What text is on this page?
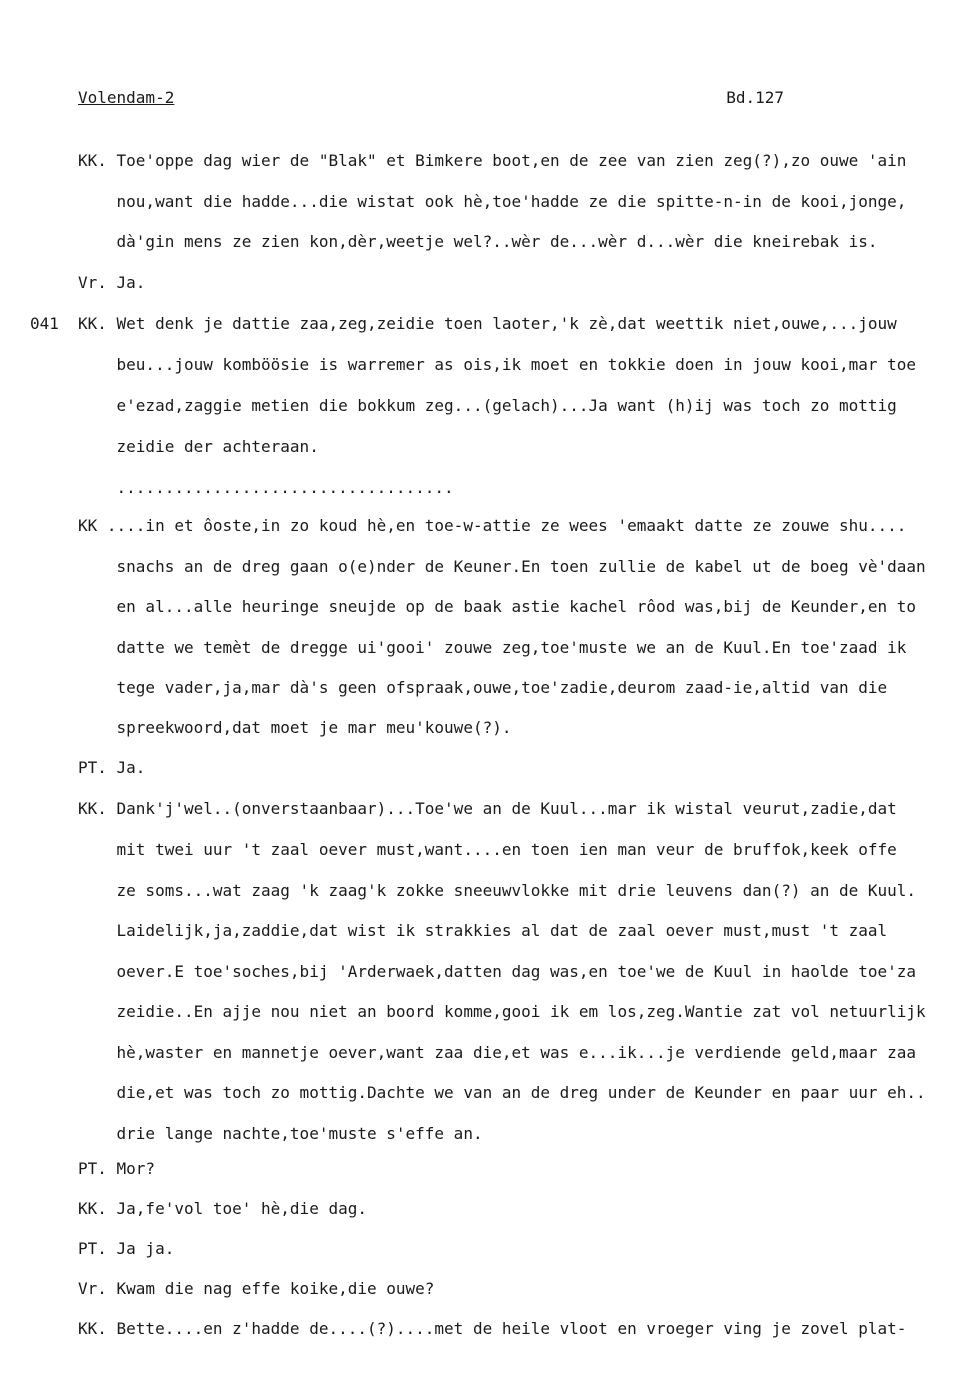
Volendam-2	Bd.127
041
KK. Toe'oppe dag wier de "Blak" et Bimkere boot,en de zee van zien zeg(?),zo ouwe 'ain
nou,want die hadde...die wistat ook hè,toe'hadde ze die spitte-n-in de kooi,jonge,
dà'gin mens ze zien kon,dèr,weetje wel?..wèr de...wèr d...wèr die kneirebak is.
Vr. Ja.
KK. Wet denk je dattie zaa,zeg,zeidie toen laoter,'k zè,dat weettik niet,ouwe,...jouw
beu...jouw komböösie is warremer as ois,ik moet en tokkie doen in jouw kooi,mar toe
e'ezad,zaggie metien die bokkum zeg...(gelach)...Ja want (h)ij was toch zo mottig
zeidie der achteraan.
...................................
KK ....in et ôoste,in zo koud hè,en toe-w-attie ze wees 'emaakt datte ze zouwe shu....
snachs an de dreg gaan o(e)nder de Keuner.En toen zullie de kabel ut de boeg vè'daan
en al...alle heuringe sneujde op de baak astie kachel rôod was,bij de Keunder,en to
datte we temèt de dregge ui'gooi' zouwe zeg,toe'muste we an de Kuul.En toe'zaad ik
tege vader,ja,mar dà's geen ofspraak,ouwe,toe'zadie,deurom zaad-ie,altid van die
spreekwoord,dat moet je mar meu'kouwe(?).
PT. Ja.
KK. Dank'j'wel..(onverstaanbaar)...Toe'we an de Kuul...mar ik wistal veurut,zadie,dat
mit twei uur 't zaal oever must,want....en toen ien man veur de bruffok,keek offe
ze soms...wat zaag 'k zaag'k zokke sneeuwvlokke mit drie leuvens dan(?) an de Kuul.
Laidelijk,ja,zaddie,dat wist ik strakkies al dat de zaal oever must,must 't zaal
oever.E toe'soches,bij 'Arderwaek,datten dag was,en toe'we de Kuul in haolde toe'za
zeidie..En ajje nou niet an boord komme,gooi ik em los,zeg.Wantie zat vol netuurlijk
hè,waster en mannetje oever,want zaa die,et was e...ik...je verdiende geld,maar zaa
die,et was toch zo mottig.Dachte we van an de dreg under de Keunder en paar uur eh..
drie lange nachte,toe'muste s'effe an.
PT. Mor?
KK. Ja,fe'vol toe' hè,die dag.
PT. Ja ja.
Vr. Kwam die nag effe koike,die ouwe?
KK. Bette....en z'hadde de....(?)....met de heile vloot en vroeger ving je zovel plat-
